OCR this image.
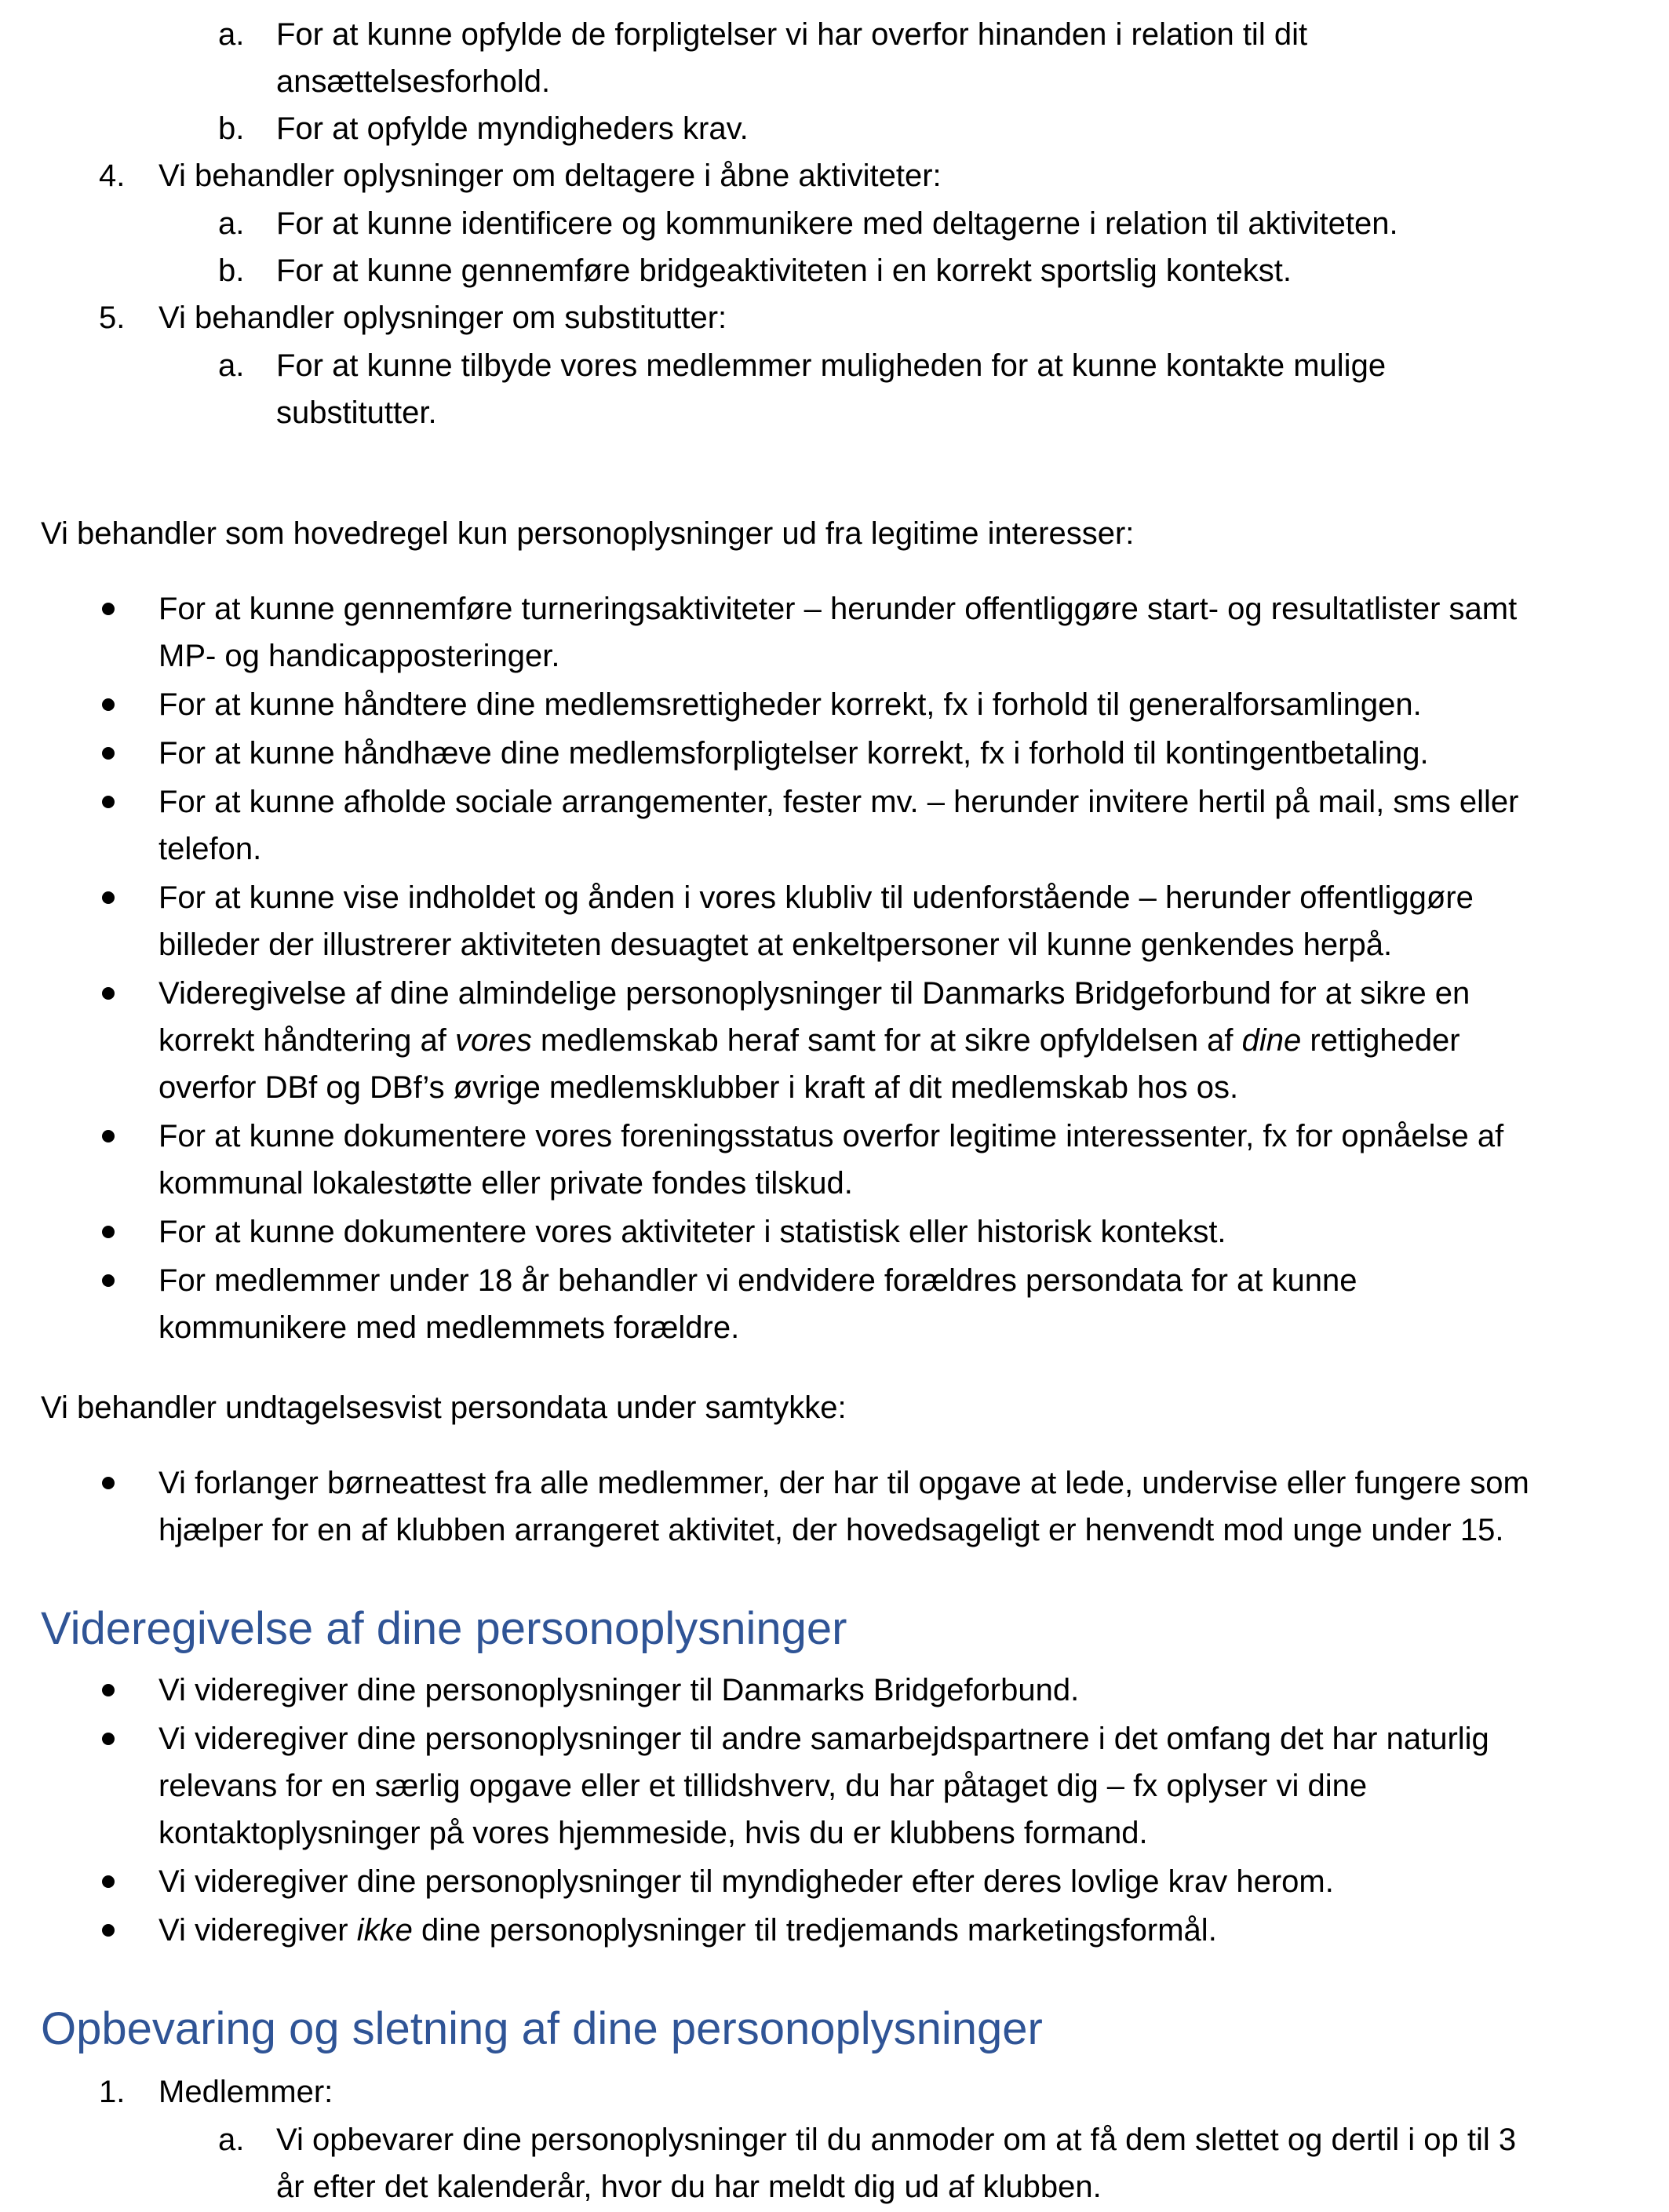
a. For at kunne opfylde de forpligtelser vi har overfor hinanden i relation til dit
ansættelsesforhold.
b. For at opfylde myndigheders krav.
4. Vi behandler oplysninger om deltagere i åbne aktiviteter:
a. For at kunne identificere og kommunikere med deltagerne i relation til aktiviteten.
b. For at kunne gennemføre bridgeaktiviteten i en korrekt sportslig kontekst.
5. Vi behandler oplysninger om substitutter:
a. For at kunne tilbyde vores medlemmer muligheden for at kunne kontakte mulige
substitutter.
Vi behandler som hovedregel kun personoplysninger ud fra legitime interesser:
For at kunne gennemføre turneringsaktiviteter – herunder offentliggøre start- og resultatlister samt
MP- og handicapposteringer.
For at kunne håndtere dine medlemsrettigheder korrekt, fx i forhold til generalforsamlingen.
For at kunne håndhæve dine medlemsforpligtelser korrekt, fx i forhold til kontingentbetaling.
For at kunne afholde sociale arrangementer, fester mv. – herunder invitere hertil på mail, sms eller
telefon.
For at kunne vise indholdet og ånden i vores klubliv til udenforstående – herunder offentliggøre
billeder der illustrerer aktiviteten desuagtet at enkeltpersoner vil kunne genkendes herpå.
Videregivelse af dine almindelige personoplysninger til Danmarks Bridgeforbund for at sikre en
korrekt håndtering af vores medlemskab heraf samt for at sikre opfyldelsen af dine rettigheder
overfor DBf og DBf’s øvrige medlemsklubber i kraft af dit medlemskab hos os.
For at kunne dokumentere vores foreningsstatus overfor legitime interessenter, fx for opnåelse af
kommunal lokalestøtte eller private fondes tilskud.
For at kunne dokumentere vores aktiviteter i statistisk eller historisk kontekst.
For medlemmer under 18 år behandler vi endvidere forældres persondata for at kunne
kommunikere med medlemmets forældre.
Vi behandler undtagelsesvist persondata under samtykke:
Vi forlanger børneattest fra alle medlemmer, der har til opgave at lede, undervise eller fungere som
hjælper for en af klubben arrangeret aktivitet, der hovedsageligt er henvendt mod unge under 15.
Videregivelse af dine personoplysninger
Vi videregiver dine personoplysninger til Danmarks Bridgeforbund.
Vi videregiver dine personoplysninger til andre samarbejdspartnere i det omfang det har naturlig
relevans for en særlig opgave eller et tillidshverv, du har påtaget dig – fx oplyser vi dine
kontaktoplysninger på vores hjemmeside, hvis du er klubbens formand.
Vi videregiver dine personoplysninger til myndigheder efter deres lovlige krav herom.
Vi videregiver ikke dine personoplysninger til tredjemands marketingsformål.
Opbevaring og sletning af dine personoplysninger
1. Medlemmer:
a. Vi opbevarer dine personoplysninger til du anmoder om at få dem slettet og dertil i op til 3
år efter det kalenderår, hvor du har meldt dig ud af klubben.
